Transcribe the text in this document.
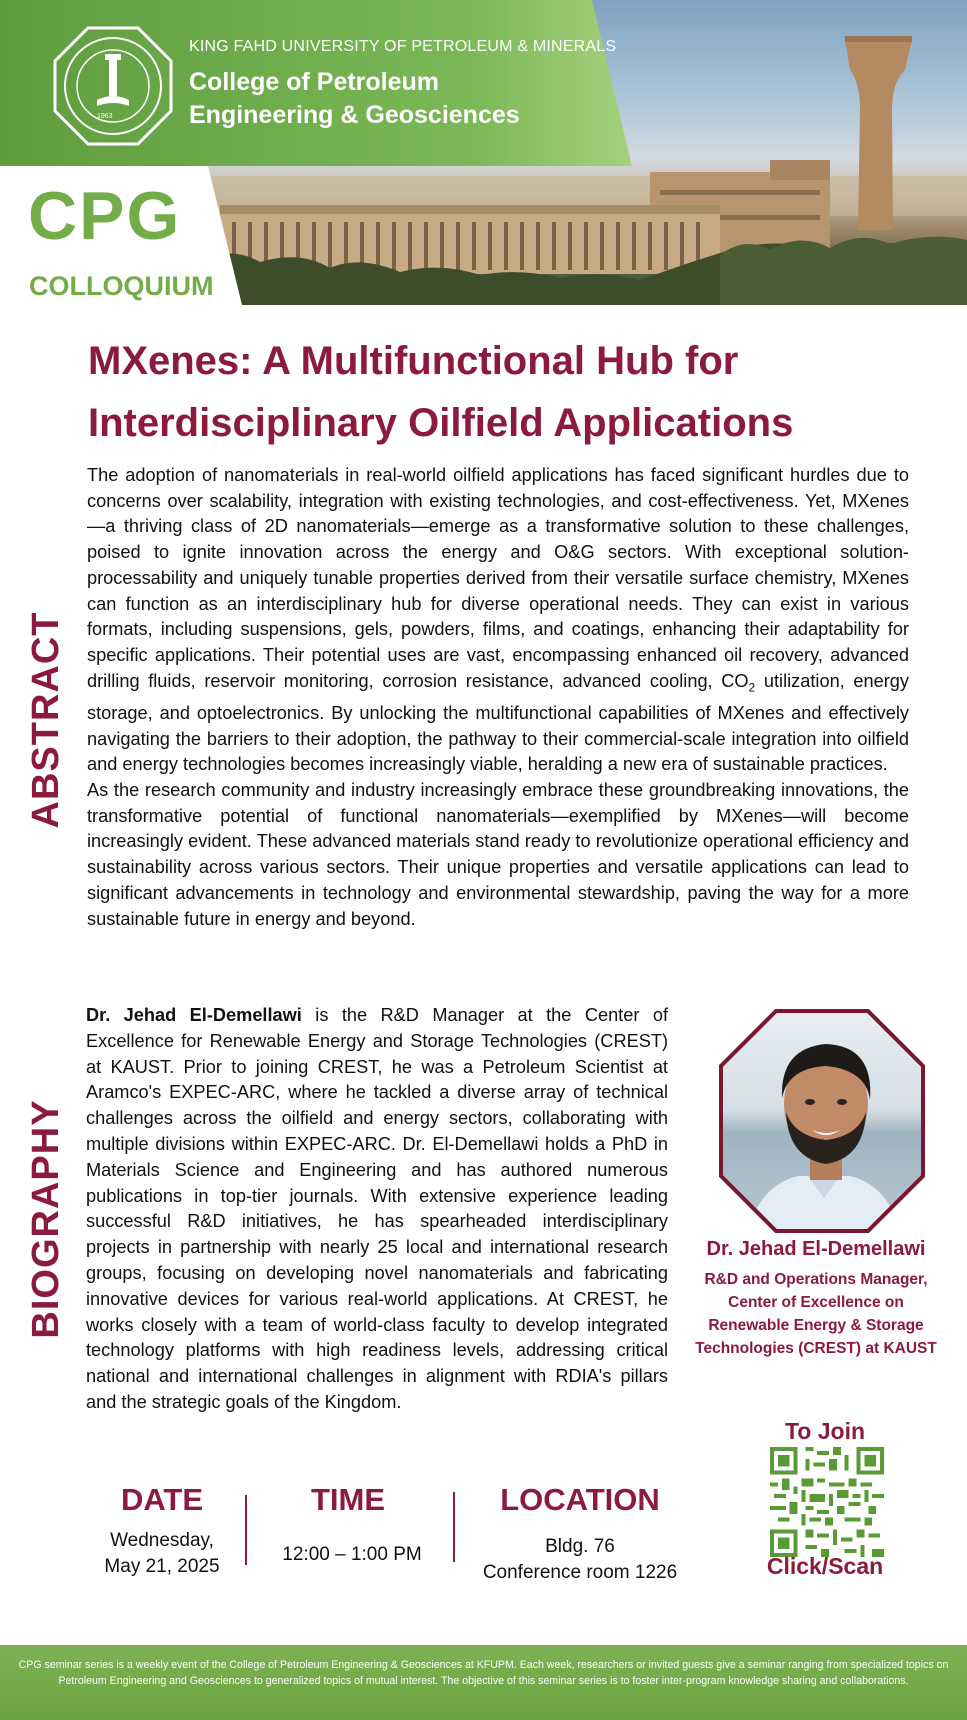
1963
KING FAHD UNIVERSITY OF PETROLEUM & MINERALS
College of Petroleum
Engineering & Geosciences
CPG
COLLOQUIUM
MXenes: A Multifunctional Hub for
Interdisciplinary Oilfield Applications
ABSTRACT
BIOGRAPHY

The adoption of nanomaterials in real-world oilfield applications has faced significant hurdles due to concerns over scalability, integration with existing technologies, and cost-effectiveness. Yet, MXenes—a thriving class of 2D nanomaterials—emerge as a transformative solution to these challenges, poised to ignite innovation across the energy and O&G sectors. With exceptional solution-processability and uniquely tunable properties derived from their versatile surface chemistry, MXenes can function as an interdisciplinary hub for diverse operational needs. They can exist in various formats, including suspensions, gels, powders, films, and coatings, enhancing their adaptability for specific applications. Their potential uses are vast, encompassing enhanced oil recovery, advanced drilling fluids, reservoir monitoring, corrosion resistance, advanced cooling, $CO_2$ utilization, energy storage, and optoelectronics. By unlocking the multifunctional capabilities of MXenes and effectively navigating the barriers to their adoption, the pathway to their commercial-scale integration into oilfield and energy technologies becomes increasingly viable, heralding a new era of sustainable practices.

As the research community and industry increasingly embrace these groundbreaking innovations, the transformative potential of functional nanomaterials—exemplified by MXenes—will become increasingly evident. These advanced materials stand ready to revolutionize operational efficiency and sustainability across various sectors. Their unique properties and versatile applications can lead to significant advancements in technology and environmental stewardship, paving the way for a more sustainable future in energy and beyond.

Dr. Jehad El-Demellawi is the R&D Manager at the Center of Excellence for Renewable Energy and Storage Technologies (CREST) at KAUST. Prior to joining CREST, he was a Petroleum Scientist at Aramco's EXPEC-ARC, where he tackled a diverse array of technical challenges across the oilfield and energy sectors, collaborating with multiple divisions within EXPEC-ARC. Dr. El-Demellawi holds a PhD in Materials Science and Engineering and has authored numerous publications in top-tier journals. With extensive experience leading successful R&D initiatives, he has spearheaded interdisciplinary projects in partnership with nearly 25 local and international research groups, focusing on developing novel nanomaterials and fabricating innovative devices for various real-world applications. At CREST, he works closely with a team of world-class faculty to develop integrated technology platforms with high readiness levels, addressing critical national and international challenges in alignment with RDIA's pillars and the strategic goals of the Kingdom.
Dr. Jehad El-Demellawi
R&D and Operations Manager,
Center of Excellence on
Renewable Energy & Storage
Technologies (CREST) at KAUST
DATE
Wednesday,
May 21, 2025
TIME
12:00 – 1:00 PM
LOCATION
Bldg. 76
Conference room 1226
To Join
Click/Scan
CPG seminar series is a weekly event of the College of Petroleum Engineering & Geosciences at KFUPM. Each week, researchers or invited guests give a seminar ranging from specialized topics on Petroleum Engineering and Geosciences to generalized topics of mutual interest. The objective of this seminar series is to foster inter-program knowledge sharing and collaborations.
